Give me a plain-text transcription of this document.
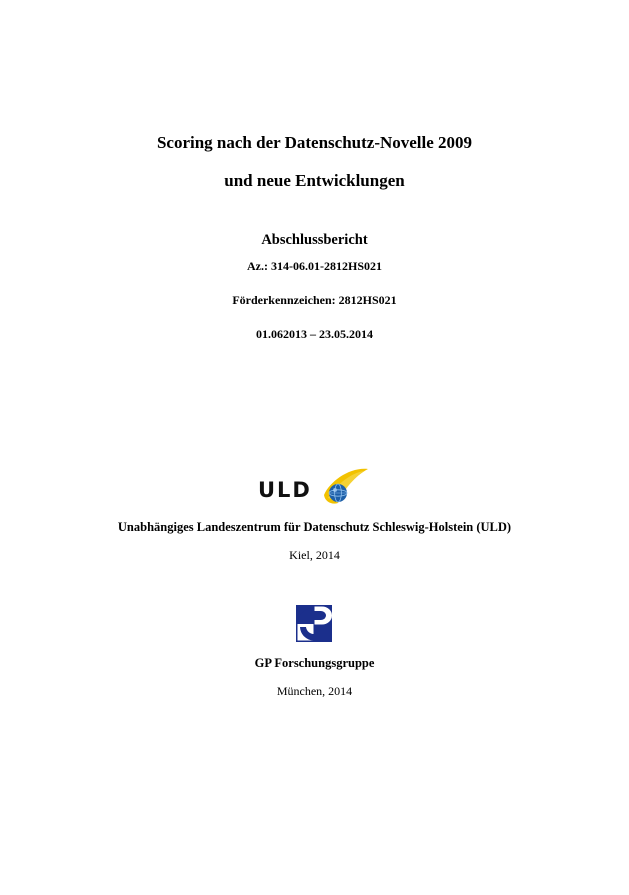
Scoring nach der Datenschutz-Novelle 2009
und neue Entwicklungen
Abschlussbericht
Az.: 314-06.01-2812HS021
Förderkennzeichen: 2812HS021
01.062013 – 23.05.2014
ULD
Unabhängiges Landeszentrum für Datenschutz Schleswig-Holstein (ULD)
Kiel, 2014
GP Forschungsgruppe
München, 2014
